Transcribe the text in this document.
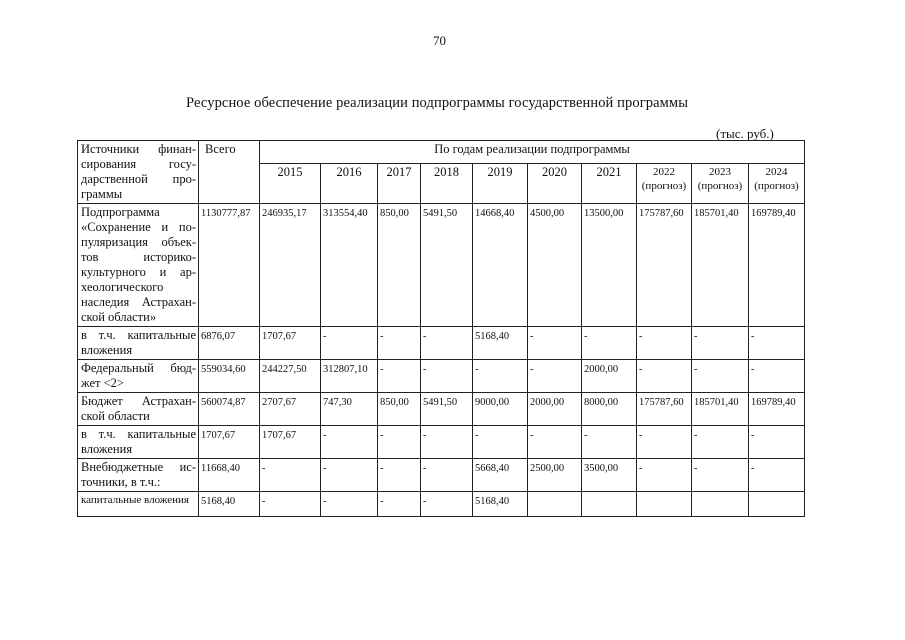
70
Ресурсное обеспечение реализации подпрограммы государственной программы
(тыс. руб.)
Источники финан-сирования госу-дарственной про-граммы	Всего	По годам реализации подпрограммы									
		2015	2016	2017	2018	2019	2020	2021	2022 (прогноз)	2023 (прогноз)	2024 (прогноз)
Подпрограмма «Сохранение и по-пуляризация объек-тов историко-культурного и ар-хеологического наследия Астрахан-ской области»	1130777,87	246935,17	313554,40	850,00	5491,50	14668,40	4500,00	13500,00	175787,60	185701,40	169789,40
в т.ч. капитальные вложения	6876,07	1707,67	-	-	-	5168,40	-	-	-	-	-
Федеральный бюд-жет <2>	559034,60	244227,50	312807,10	-	-	-	-	2000,00	-	-	-
Бюджет Астрахан-ской области	560074,87	2707,67	747,30	850,00	5491,50	9000,00	2000,00	8000,00	175787,60	185701,40	169789,40
в т.ч. капитальные вложения	1707,67	1707,67	-	-	-	-	-	-	-	-	-
Внебюджетные ис-точники, в т.ч.:	11668,40	-	-	-	-	5668,40	2500,00	3500,00	-	-	-
капитальные вложения	5168,40	-	-	-	-	5168,40					
